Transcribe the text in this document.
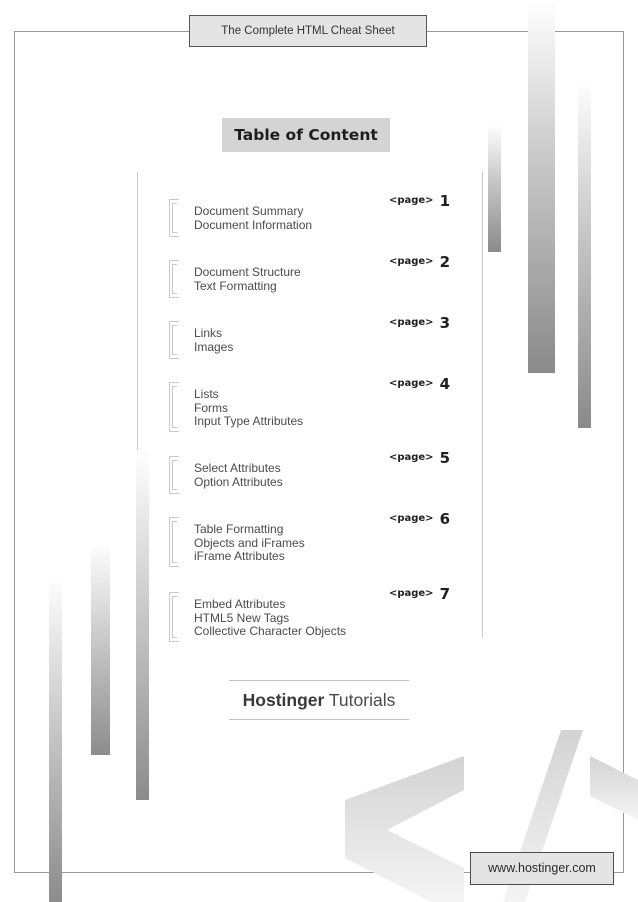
The Complete HTML Cheat Sheet
Table of Content
<page> 1
Document Summary
Document Information
<page> 2
Document Structure
Text Formatting
<page> 3
Links
Images
<page> 4
Lists
Forms
Input Type Attributes
<page> 5
Select Attributes
Option Attributes
<page> 6
Table Formatting
Objects and iFrames
iFrame Attributes
<page> 7
Embed Attributes
HTML5 New Tags
Collective Character Objects
Hostinger Tutorials
www.hostinger.com
